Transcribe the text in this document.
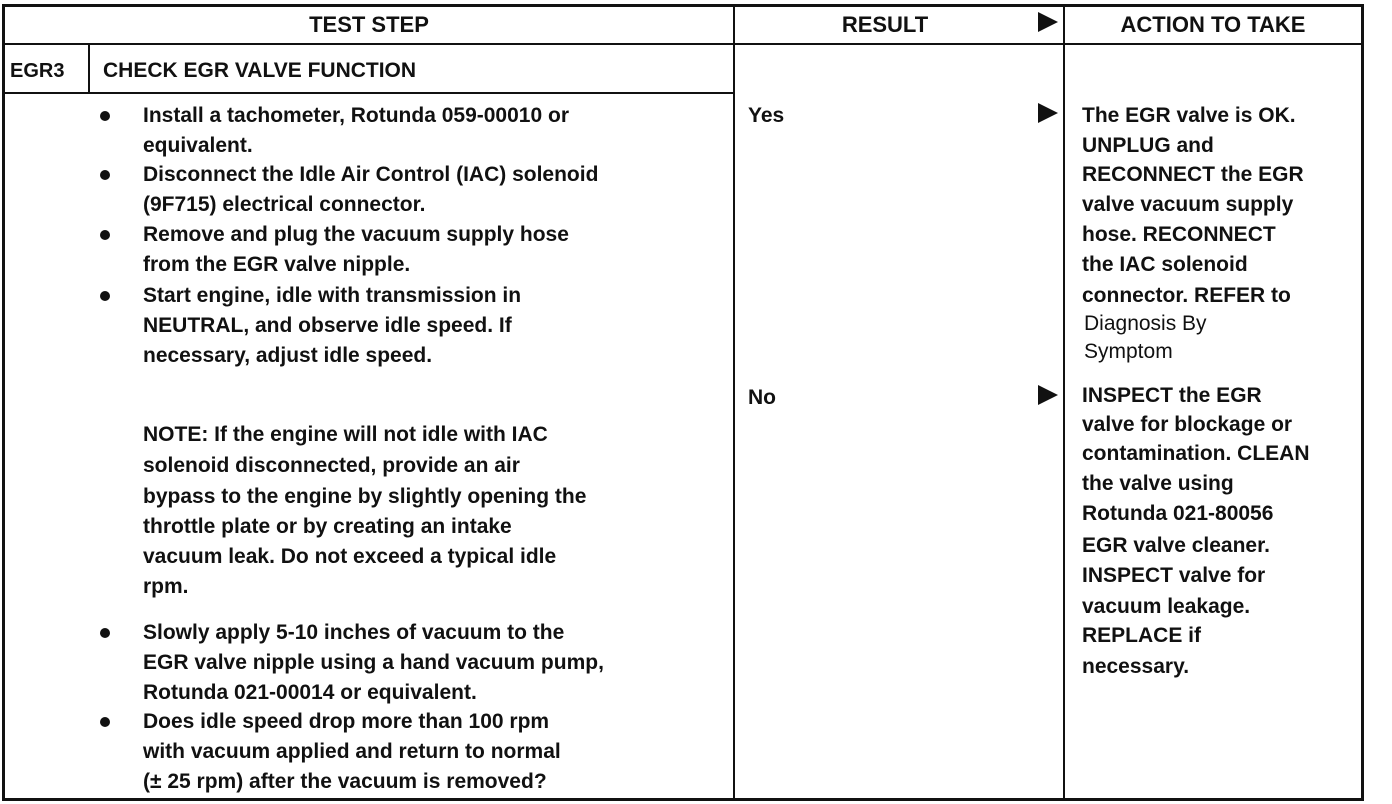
TEST STEP	RESULT	ACTION TO TAKE
EGR3 CHECK EGR VALVE FUNCTION
Install a tachometer, Rotunda 059-00010 or
equivalent.
Disconnect the Idle Air Control (IAC) solenoid
(9F715) electrical connector.
Remove and plug the vacuum supply hose
from the EGR valve nipple.
Start engine, idle with transmission in
NEUTRAL, and observe idle speed. If
necessary, adjust idle speed.
NOTE: If the engine will not idle with IAC
solenoid disconnected, provide an air
bypass to the engine by slightly opening the
throttle plate or by creating an intake
vacuum leak. Do not exceed a typical idle
rpm.
Slowly apply 5-10 inches of vacuum to the
EGR valve nipple using a hand vacuum pump,
Rotunda 021-00014 or equivalent.
Does idle speed drop more than 100 rpm
with vacuum applied and return to normal
(± 25 rpm) after the vacuum is removed?
Yes
No
The EGR valve is OK.
UNPLUG and
RECONNECT the EGR
valve vacuum supply
hose. RECONNECT
the IAC solenoid
connector. REFER to
Diagnosis By
Symptom
INSPECT the EGR
valve for blockage or
contamination. CLEAN
the valve using
Rotunda 021-80056
EGR valve cleaner.
INSPECT valve for
vacuum leakage.
REPLACE if
necessary.
